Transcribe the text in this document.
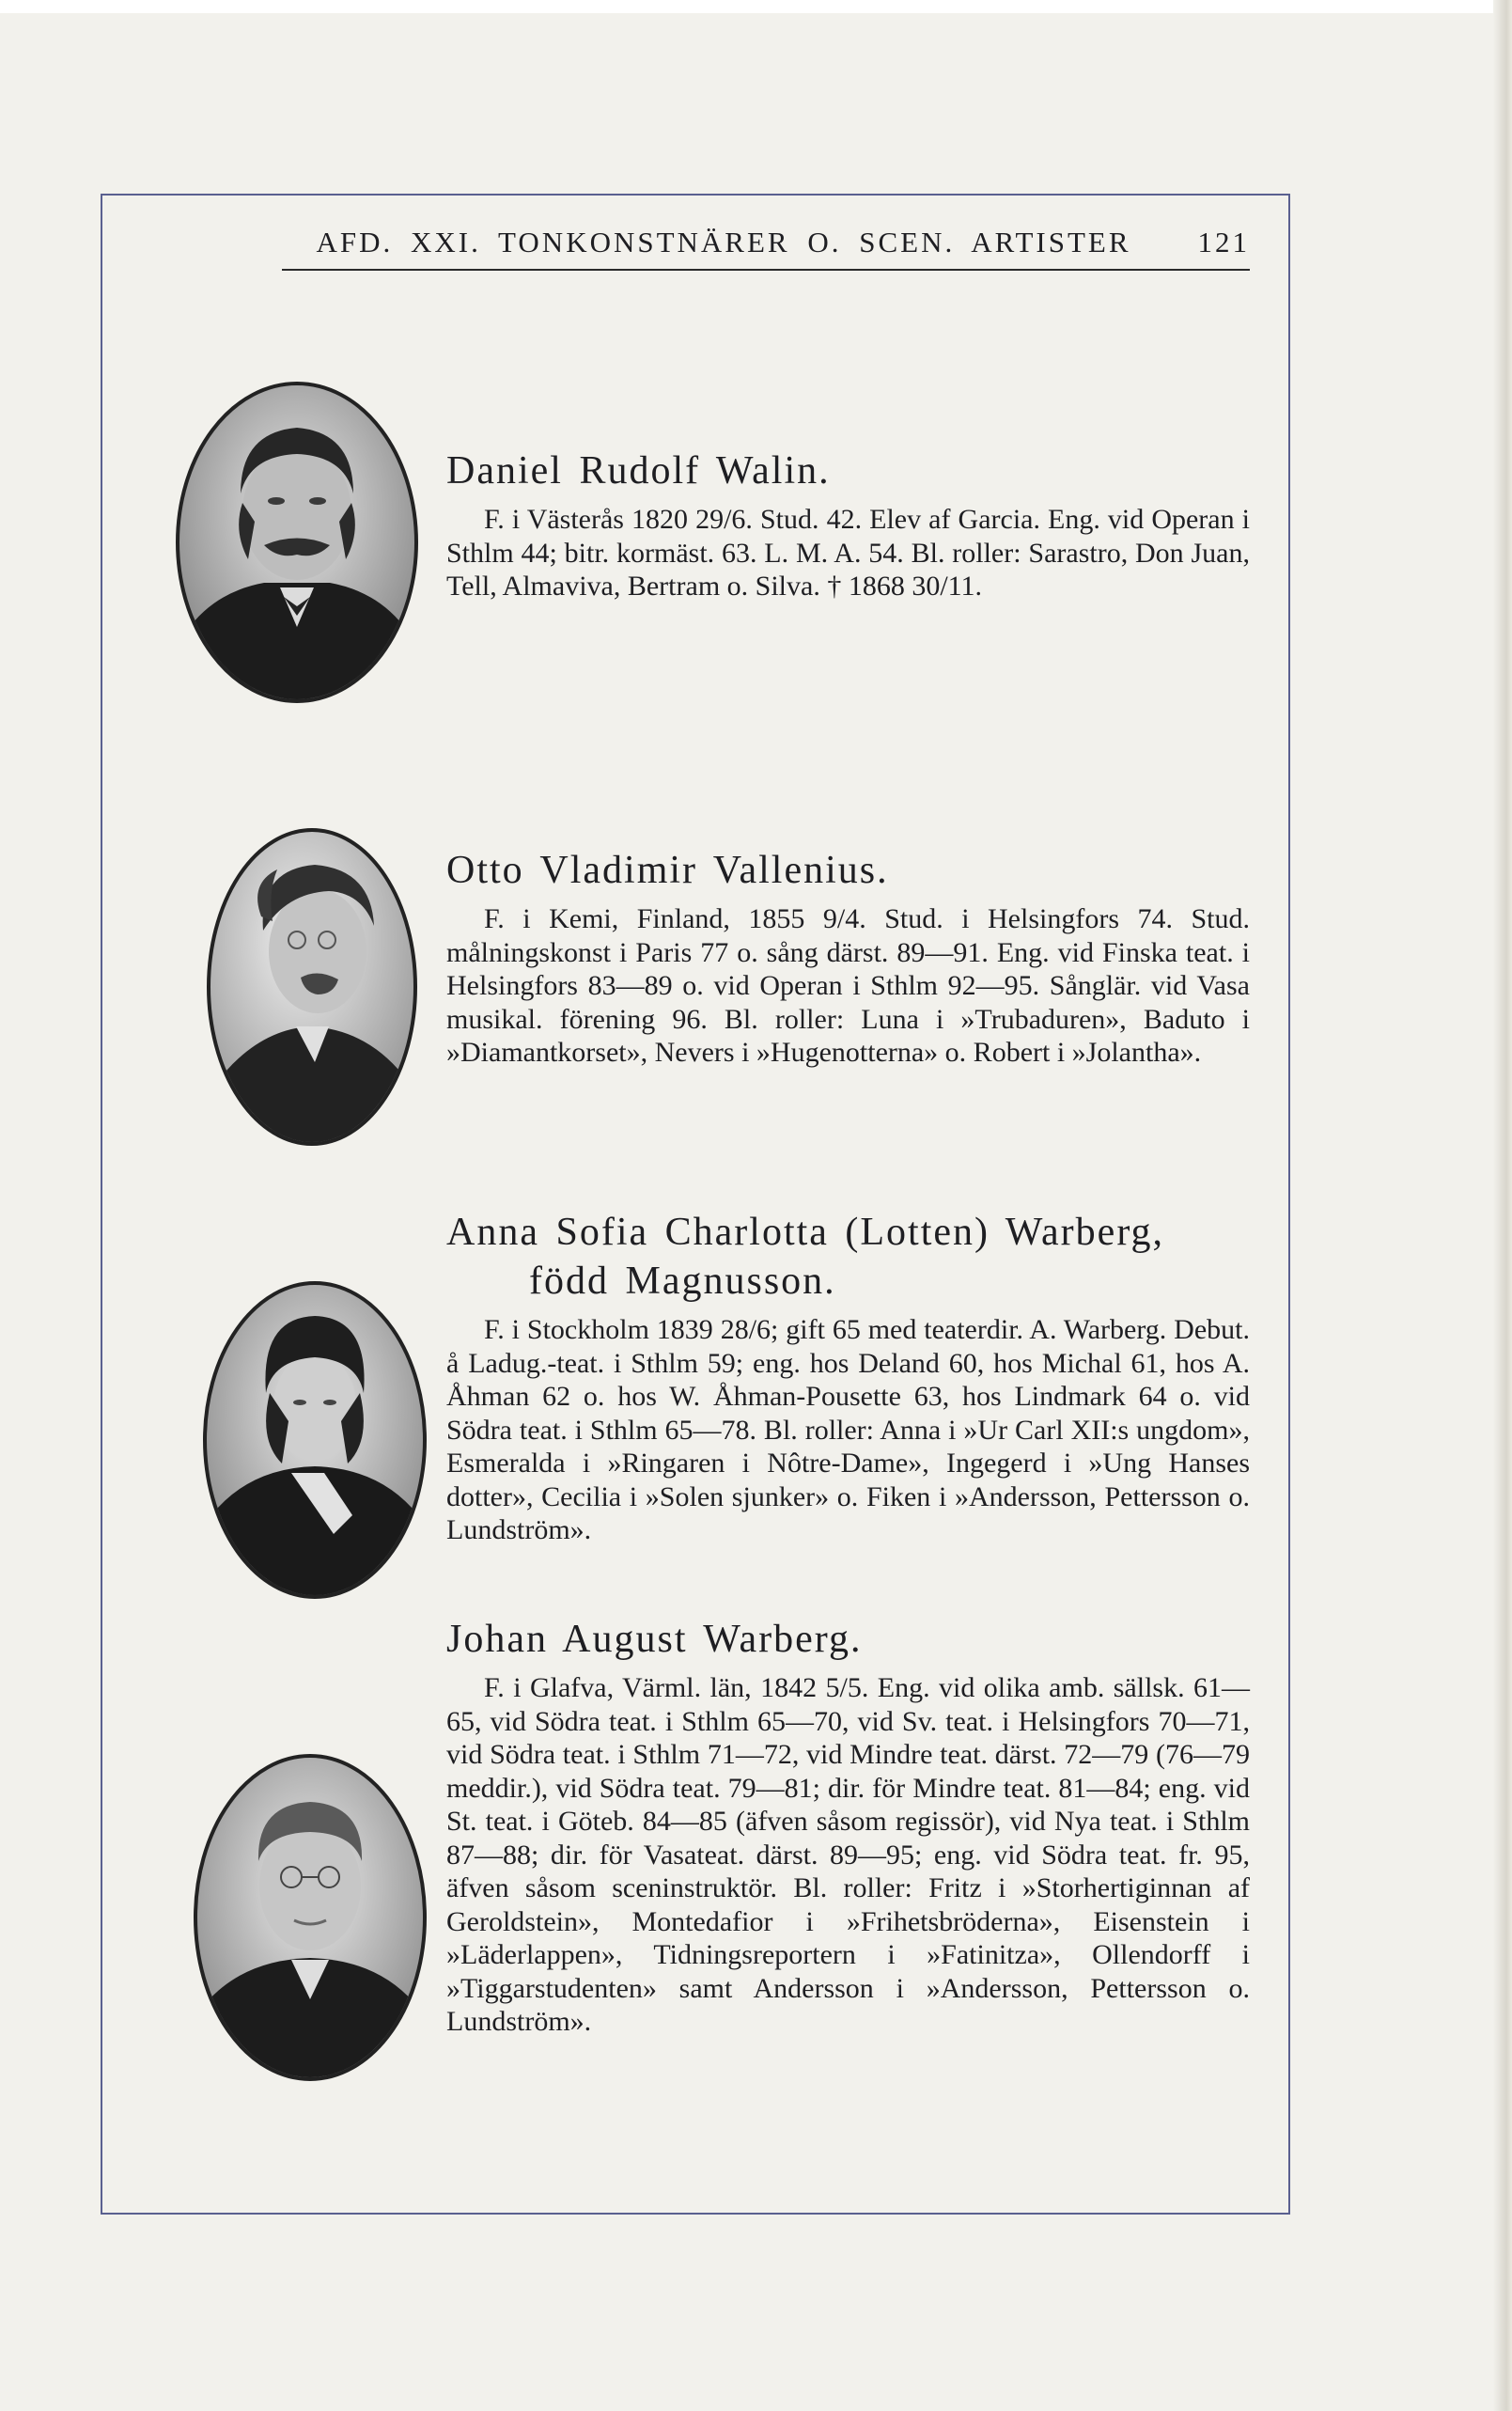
AFD. XXI. TONKONSTNÄRER O. SCEN. ARTISTER	121
Daniel Rudolf Walin.

F. i Västerås 1820 29/6. Stud. 42. Elev af Garcia. Eng. vid Operan i Sthlm 44; bitr. kormäst. 63. L. M. A. 54. Bl. roller: Sarastro, Don Juan, Tell, Almaviva, Bertram o. Silva. † 1868 30/11.

Otto Vladimir Vallenius.

F. i Kemi, Finland, 1855 9/4. Stud. i Helsingfors 74. Stud. målningskonst i Paris 77 o. sång därst. 89—91. Eng. vid Finska teat. i Helsingfors 83—89 o. vid Operan i Sthlm 92—95. Sånglär. vid Vasa musikal. förening 96. Bl. roller: Luna i »Trubaduren», Baduto i »Diamantkorset», Nevers i »Hugenotterna» o. Robert i »Jolantha».

Anna Sofia Charlotta (Lotten) Warberg,
född Magnusson.

F. i Stockholm 1839 28/6; gift 65 med teaterdir. A. Warberg. Debut. å Ladug.-teat. i Sthlm 59; eng. hos Deland 60, hos Michal 61, hos A. Åhman 62 o. hos W. Åhman-Pousette 63, hos Lindmark 64 o. vid Södra teat. i Sthlm 65—78. Bl. roller: Anna i »Ur Carl XII:s ungdom», Esmeralda i »Ringaren i Nôtre-Dame», Ingegerd i »Ung Hanses dotter», Cecilia i »Solen sjunker» o. Fiken i »Andersson, Pettersson o. Lundström».

Johan August Warberg.

F. i Glafva, Värml. län, 1842 5/5. Eng. vid olika amb. sällsk. 61—65, vid Södra teat. i Sthlm 65—70, vid Sv. teat. i Helsingfors 70—71, vid Södra teat. i Sthlm 71—72, vid Mindre teat. därst. 72—79 (76—79 meddir.), vid Södra teat. 79—81; dir. för Mindre teat. 81—84; eng. vid St. teat. i Göteb. 84—85 (äfven såsom regissör), vid Nya teat. i Sthlm 87—88; dir. för Vasateat. därst. 89—95; eng. vid Södra teat. fr. 95, äfven såsom sceninstruktör. Bl. roller: Fritz i »Storhertiginnan af Geroldstein», Montedafior i »Frihetsbröderna», Eisenstein i »Läderlappen», Tidningsreportern i »Fatinitza», Ollendorff i »Tiggarstudenten» samt Andersson i »Andersson, Pettersson o. Lundström».
